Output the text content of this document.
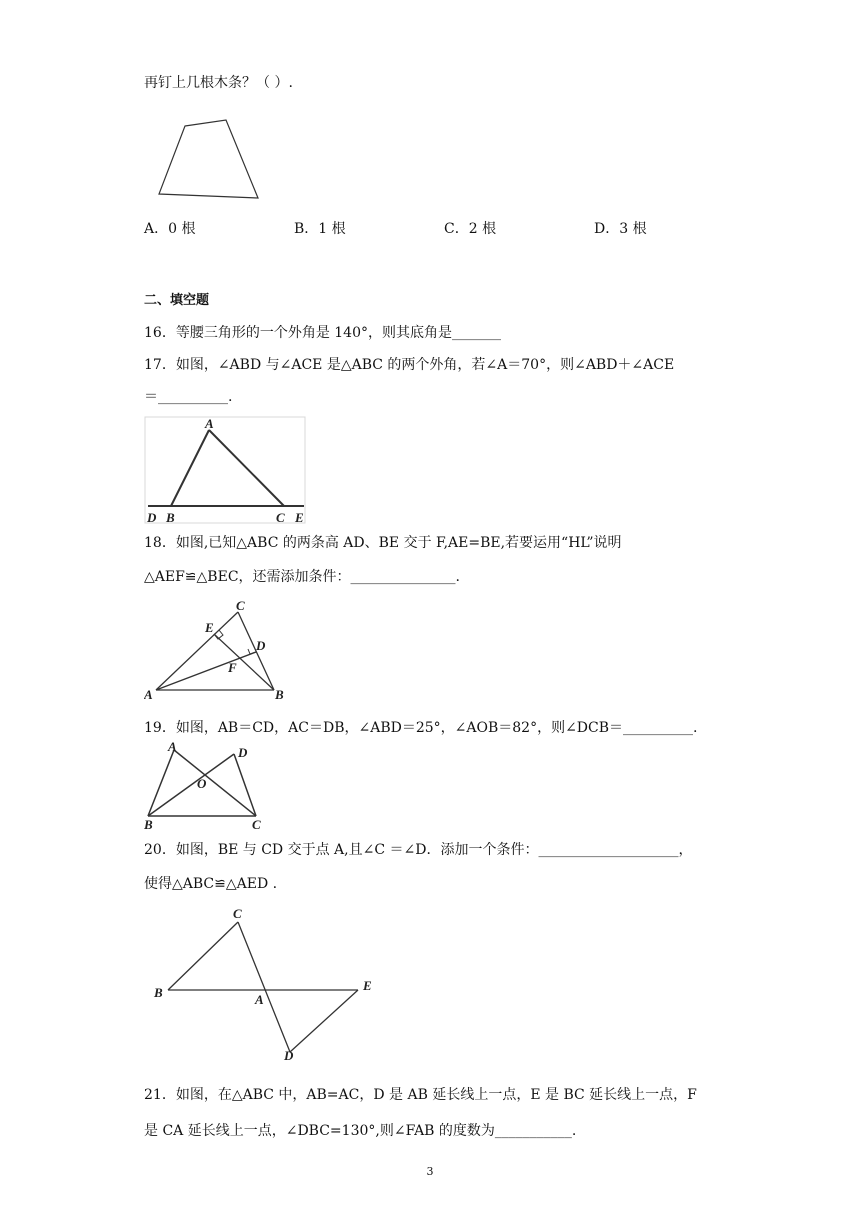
再钉上几根木条？（ ）.
A．0 根	B．1 根	C．2 根	D．3 根
二、填空题
16．等腰三角形的一个外角是 140°，则其底角是_______
17．如图，∠ABD 与∠ACE 是△ABC 的两个外角，若∠A＝70°，则∠ABD＋∠ACE
＝__________.
A
D B	C E
18．如图,已知△ABC 的两条高 AD、BE 交于 F,AE=BE,若要运用“HL”说明
△AEF≌△BEC，还需添加条件：_______________.
C
E
D
F
A	B
19．如图，AB＝CD，AC＝DB，∠ABD＝25°，∠AOB＝82°，则∠DCB＝__________.
A	D
O
B	C
20．如图，BE 与 CD 交于点 A,且∠C ＝∠D．添加一个条件：____________________，
使得△ABC≌△AED .
C
B	A
E
D
21．如图，在△ABC 中，AB=AC，D 是 AB 延长线上一点，E 是 BC 延长线上一点，F
是 CA 延长线上一点，∠DBC=130°,则∠FAB 的度数为___________.
3
